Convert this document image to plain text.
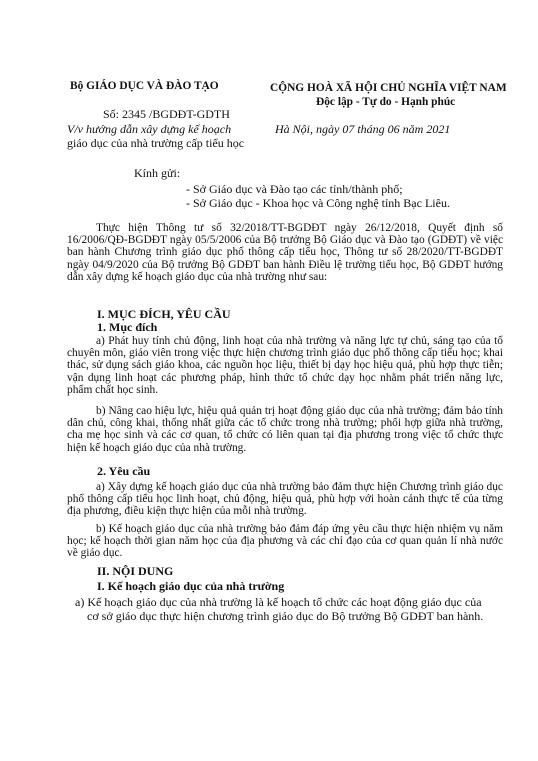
Bộ GIÁO DỤC VÀ ĐÀO TẠO	CỘNG HOÀ XÃ HỘI CHỦ NGHĨA VIỆT NAM
Độc lập - Tự do - Hạnh phúc
Số: 2345 /BGDĐT-GDTH
V/v hướng dẫn xây dựng kế hoạch
giáo dục của nhà trường cấp tiểu học
Hà Nội, ngày 07 tháng 06 năm 2021
Kính gửi:
- Sở Giáo dục và Đào tạo các tỉnh/thành phố;
- Sở Giáo dục - Khoa học và Công nghệ tỉnh Bạc Liêu.

Thực hiện Thông tư số 32/2018/TT-BGDĐT ngày 26/12/2018, Quyết định số 16/2006/QĐ-BGDĐT ngày 05/5/2006 của Bộ trưởng Bộ Giáo dục và Đào tạo (GDĐT) về việc ban hành Chương trình giáo dục phổ thông cấp tiểu học, Thông tư số 28/2020/TT-BGDĐT ngày 04/9/2020 của Bộ trưởng Bộ GDĐT ban hành Điều lệ trường tiểu học, Bộ GDĐT hướng dẫn xây dựng kế hoạch giáo dục của nhà trường như sau:

I. MỤC ĐÍCH, YÊU CẦU
1. Mục đích

a) Phát huy tính chủ động, linh hoạt của nhà trường và năng lực tự chủ, sáng tạo của tổ chuyên môn, giáo viên trong việc thực hiện chương trình giáo dục phổ thông cấp tiểu học; khai thác, sử dụng sách giáo khoa, các nguồn học liệu, thiết bị dạy học hiệu quả, phù hợp thực tiễn; vận dụng linh hoạt các phương pháp, hình thức tổ chức dạy học nhằm phát triển năng lực, phẩm chất học sinh.

b) Nâng cao hiệu lực, hiệu quả quản trị hoạt động giáo dục của nhà trường; đảm bảo tính dân chủ, công khai, thống nhất giữa các tổ chức trong nhà trường; phối hợp giữa nhà trường, cha mẹ học sinh và các cơ quan, tổ chức có liên quan tại địa phương trong việc tổ chức thực hiện kế hoạch giáo dục của nhà trường.

2. Yêu cầu

a) Xây dựng kế hoạch giáo dục của nhà trường bảo đảm thực hiện Chương trình giáo dục phổ thông cấp tiểu học linh hoạt, chủ động, hiệu quả, phù hợp với hoàn cảnh thực tế của từng địa phương, điều kiện thực hiện của mỗi nhà trường.

b) Kế hoạch giáo dục của nhà trường bảo đảm đáp ứng yêu cầu thực hiện nhiệm vụ năm học; kế hoạch thời gian năm học của địa phương và các chỉ đạo của cơ quan quản lí nhà nước về giáo dục.

II. NỘI DUNG
I. Kế hoạch giáo dục của nhà trường
a) Kế hoạch giáo dục của nhà trường là kế hoạch tổ chức các hoạt động giáo dục của
cơ sở giáo dục thực hiện chương trình giáo dục do Bộ trưởng Bộ GDĐT ban hành.
